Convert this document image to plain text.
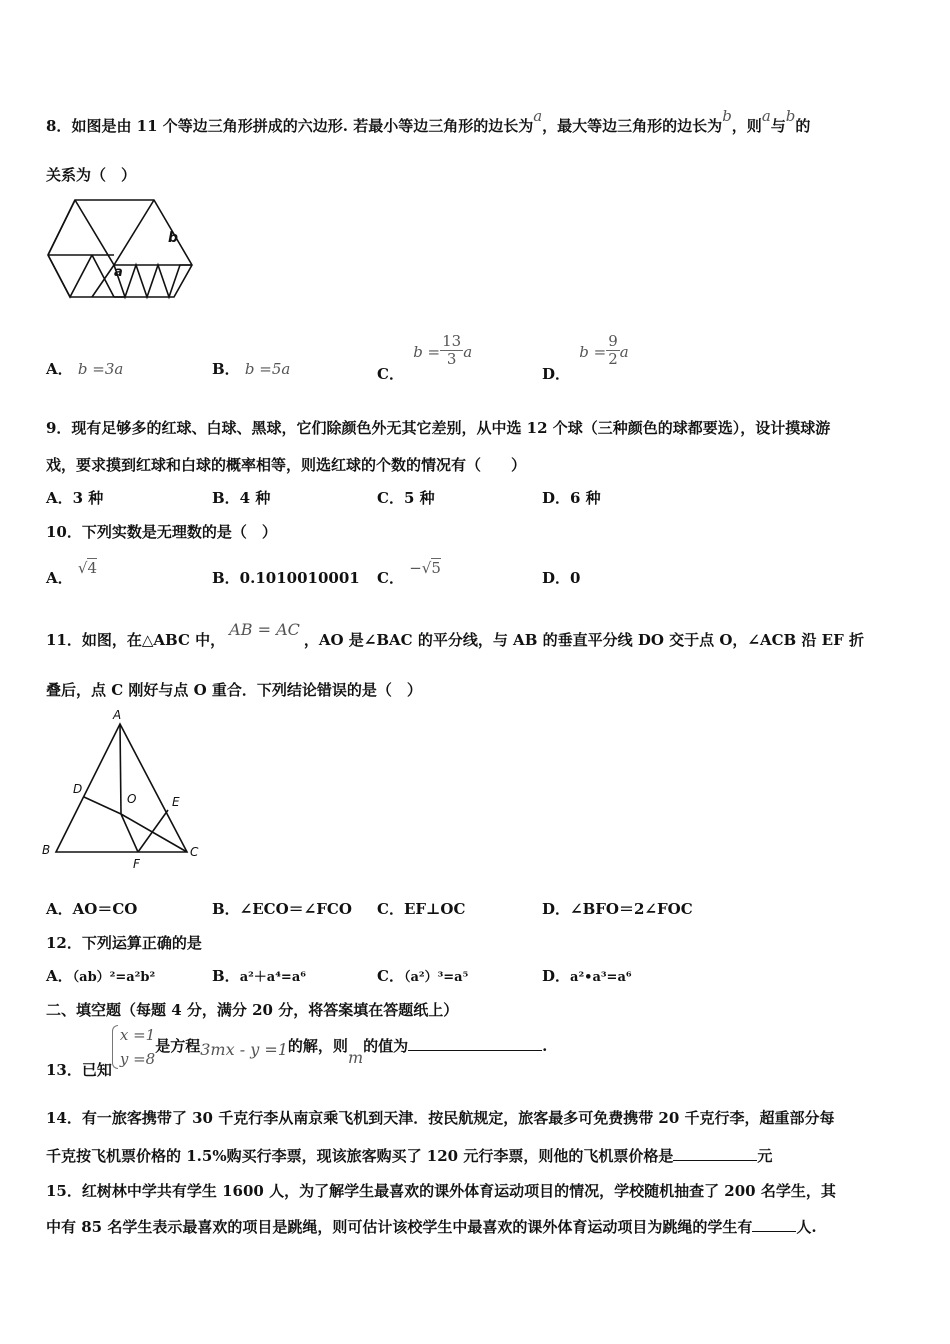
8．如图是由 11 个等边三角形拼成的六边形. 若最小等边三角形的边长为a，最大等边三角形的边长为b，则a与b的
关系为（　）
b
a
A． b =3a	B． b =5a	C． $b = \frac{13}{3}$ a
D． $b = \frac{9}{2}$ a
9．现有足够多的红球、白球、黑球，它们除颜色外无其它差别，从中选 12 个球（三种颜色的球都要选），设计摸球游
戏，要求摸到红球和白球的概率相等，则选红球的个数的情况有（　　）
A．3 种	B．4 种	C．5 种	D．6 种
10．下列实数是无理数的是（　）
A． √4
B．0.1010010001 C． −√5
D．0
11．如图，在△ABC 中，AB = AC，AO 是∠BAC 的平分线，与 AB 的垂直平分线 DO 交于点 O，∠ACB 沿 EF 折
叠后，点 C 刚好与点 O 重合．下列结论错误的是（　）
A
B	C
D
E
F
O
A．AO＝CO	B．∠ECO＝∠FCO C．EF⊥OC	D．∠BFO＝2∠FOC
12．下列运算正确的是
A．（ab）²=a²b²	B．a²＋a⁴=a⁶	C．（a²）³=a⁵	D．a²•a³=a⁶
二、填空题（每题 4 分，满分 20 分，将答案填在答题纸上）
13．已知
x =1
y =8
是方程3mx - y =1的解，则m的值为	.
14．有一旅客携带了 30 千克行李从南京乘飞机到天津．按民航规定，旅客最多可免费携带 20 千克行李，超重部分每
千克按飞机票价格的 1.5%购买行李票，现该旅客购买了 120 元行李票，则他的飞机票价格是	元
15．红树林中学共有学生 1600 人，为了解学生最喜欢的课外体育运动项目的情况，学校随机抽查了 200 名学生，其
中有 85 名学生表示最喜欢的项目是跳绳，则可估计该校学生中最喜欢的课外体育运动项目为跳绳的学生有	人.
